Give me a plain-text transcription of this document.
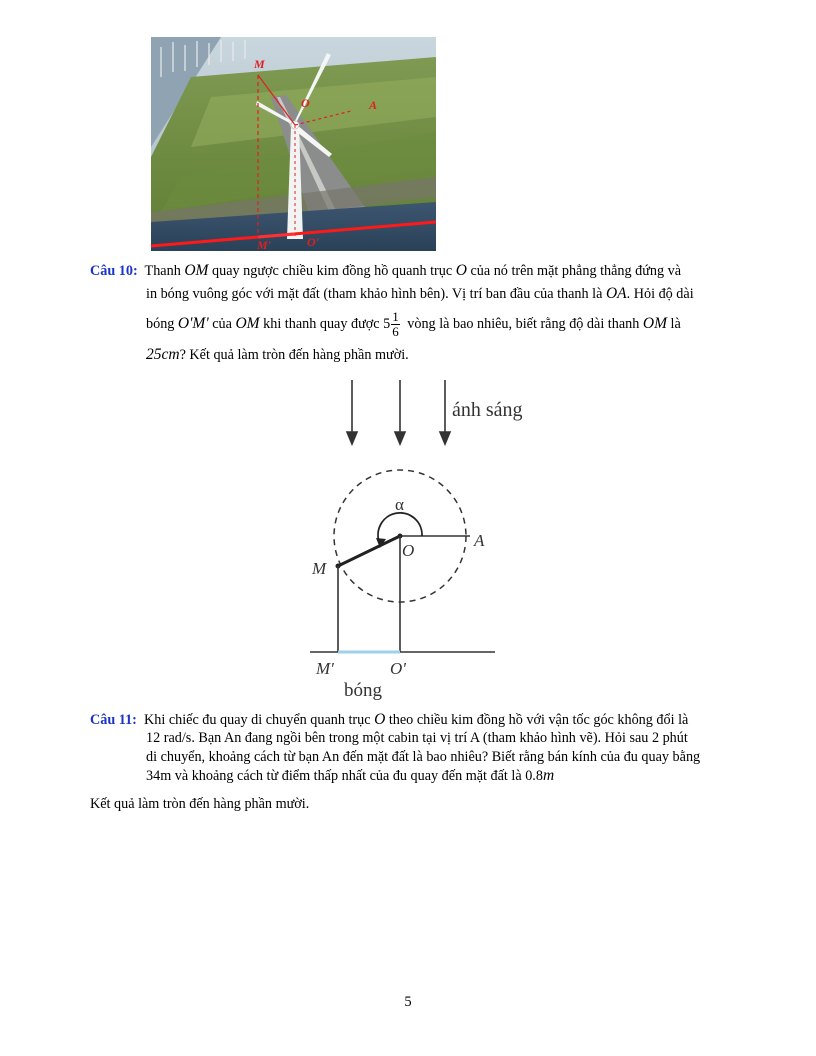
M
O	A
M'	O'
Câu 10: Thanh OM quay ngược chiều kim đồng hồ quanh trục O của nó trên mặt phẳng thẳng đứng và
in bóng vuông góc với mặt đất (tham khảo hình bên). Vị trí ban đầu của thanh là OA. Hỏi độ dài
bóng O'M' của OM khi thanh quay được $5 \frac{1}{6}$ vòng là bao nhiêu, biết rằng độ dài thanh OM là
25cm? Kết quả làm tròn đến hàng phần mười.
ánh sáng
α
O
A
M
M'	O'
bóng
Câu 11: Khi chiếc đu quay di chuyển quanh trục O theo chiều kim đồng hồ với vận tốc góc không đổi là
12 rad/s. Bạn An đang ngồi bên trong một cabin tại vị trí A (tham khảo hình vẽ). Hỏi sau 2 phút
di chuyển, khoảng cách từ bạn An đến mặt đất là bao nhiêu? Biết rằng bán kính của đu quay bằng
34m và khoảng cách từ điểm thấp nhất của đu quay đến mặt đất là 0.8m
Kết quả làm tròn đến hàng phần mười.
5
